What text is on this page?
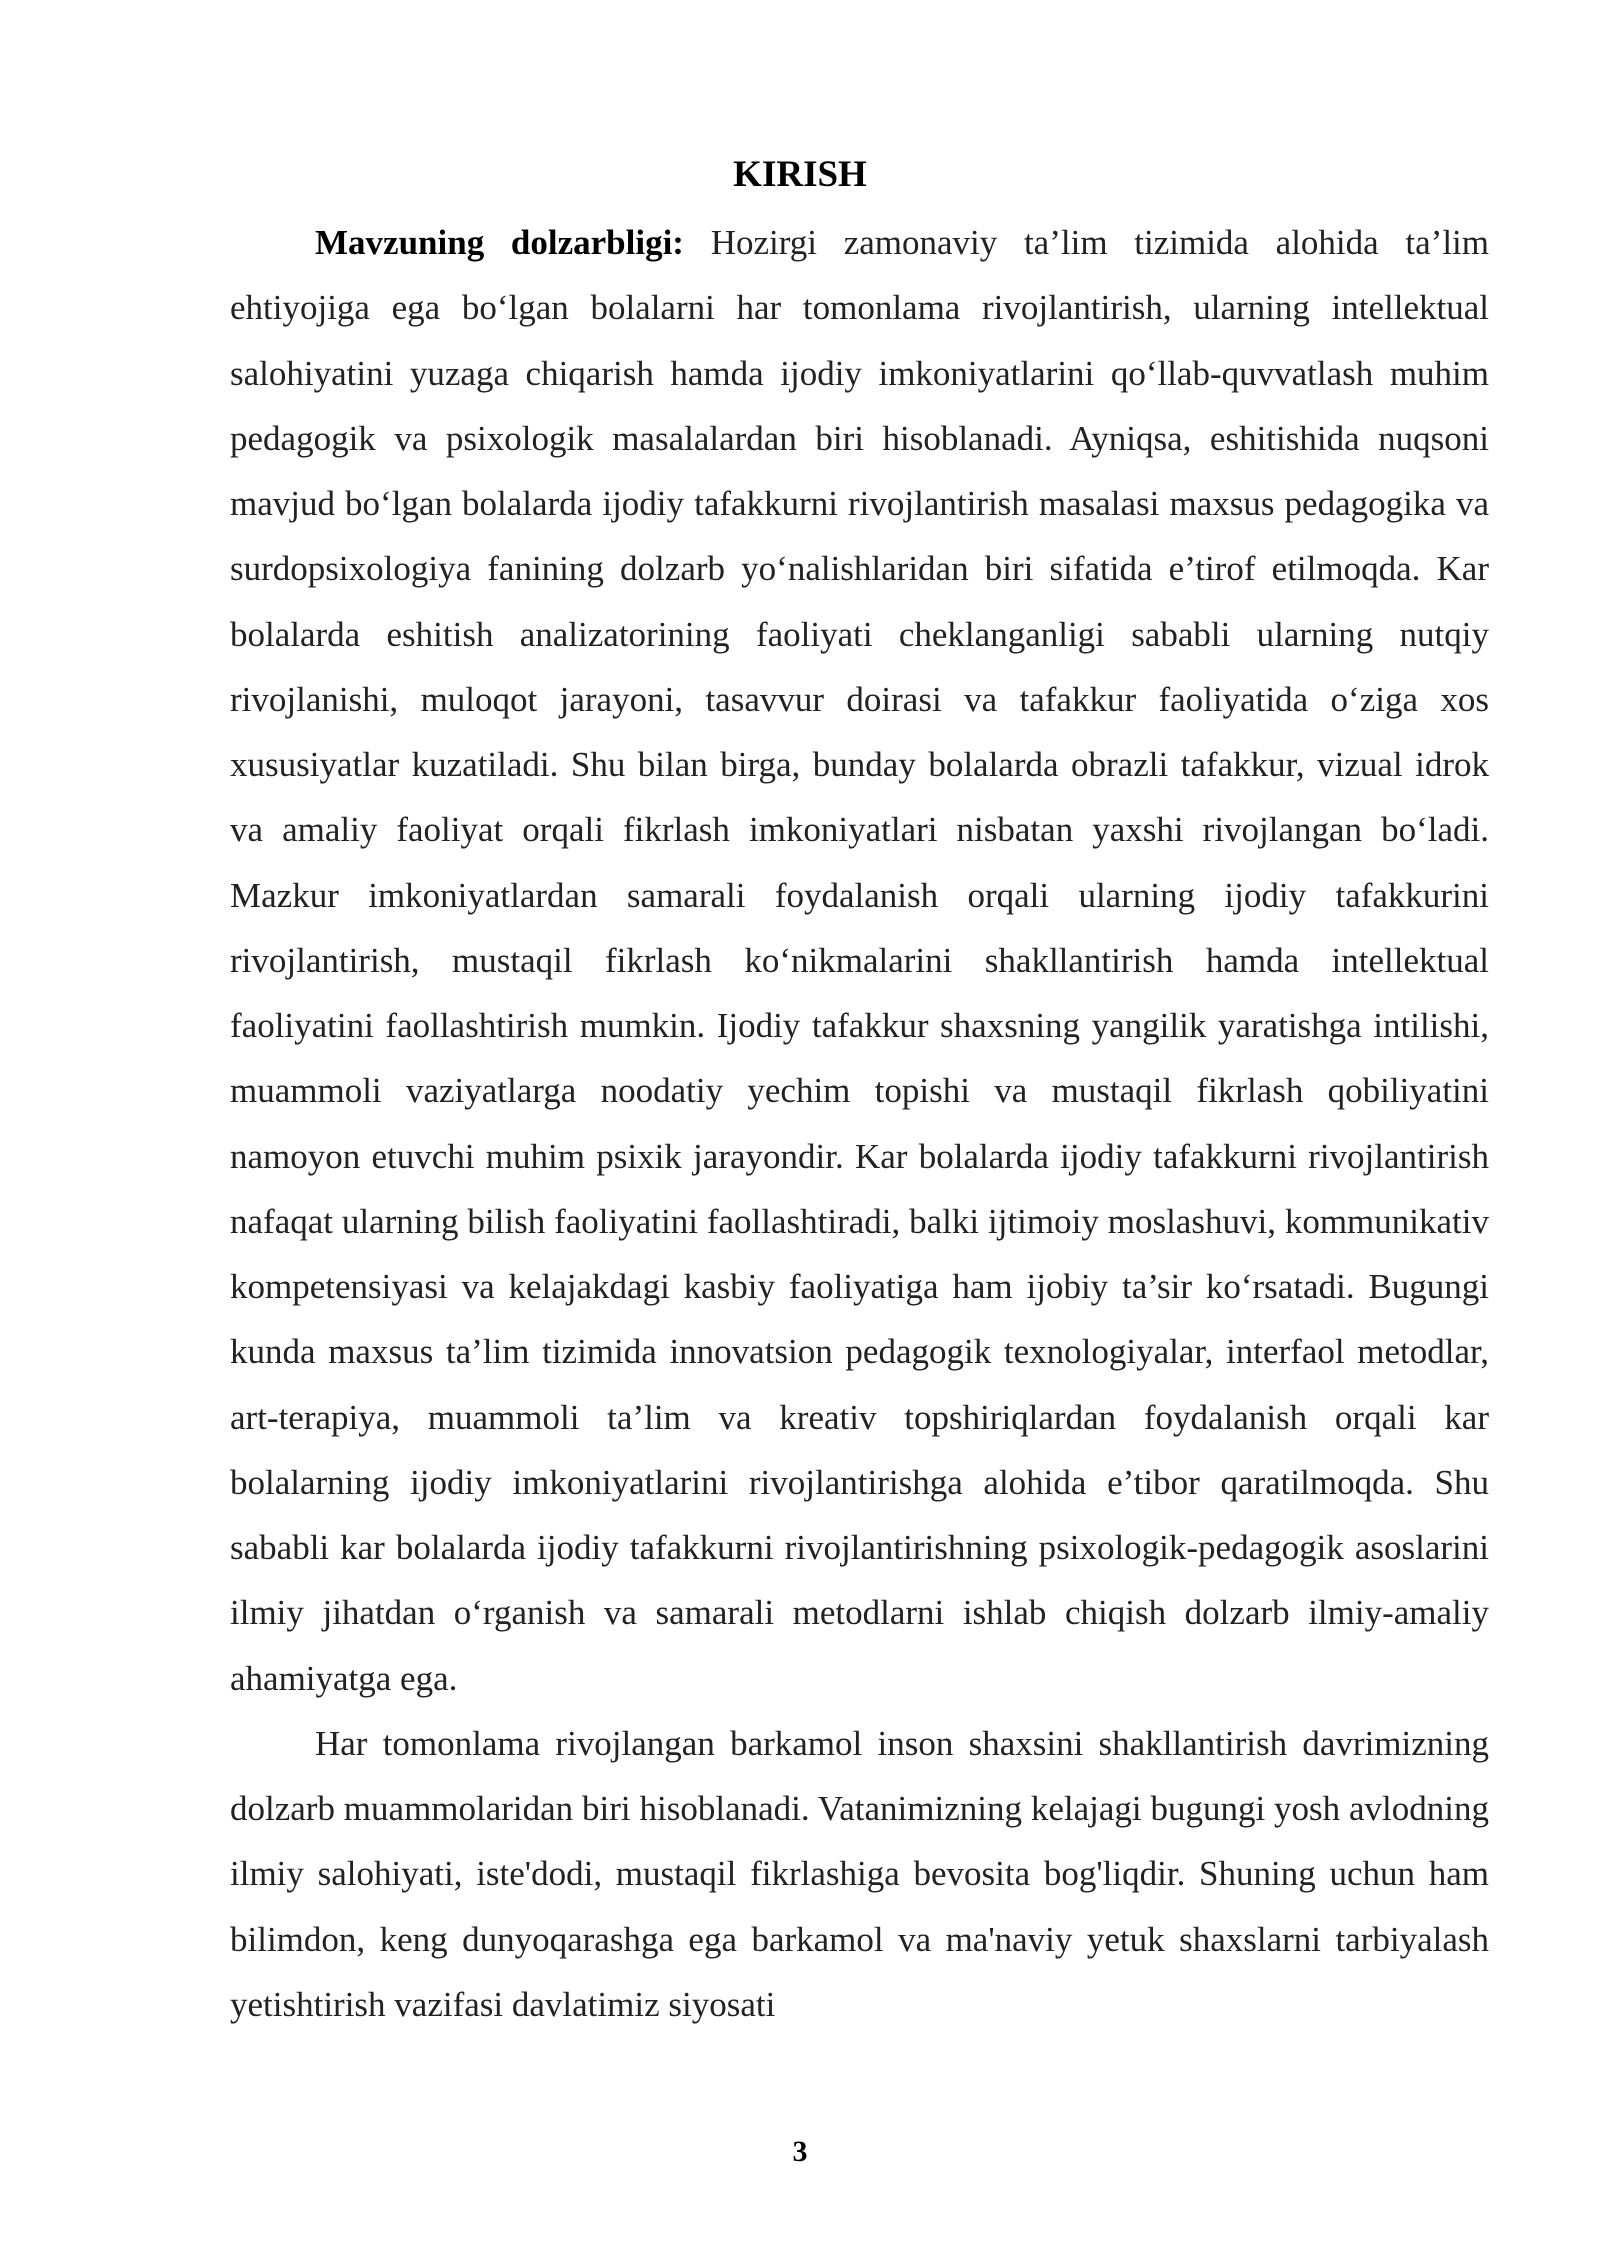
KIRISH

Mavzuning dolzarbligi: Hozirgi zamonaviy ta’lim tizimida alohida ta’lim ehtiyojiga ega bo‘lgan bolalarni har tomonlama rivojlantirish, ularning intellektual salohiyatini yuzaga chiqarish hamda ijodiy imkoniyatlarini qo‘llab-quvvatlash muhim pedagogik va psixologik masalalardan biri hisoblanadi. Ayniqsa, eshitishida nuqsoni mavjud bo‘lgan bolalarda ijodiy tafakkurni rivojlantirish masalasi maxsus pedagogika va surdopsixologiya fanining dolzarb yo‘nalishlaridan biri sifatida e’tirof etilmoqda. Kar bolalarda eshitish analizatorining faoliyati cheklanganligi sababli ularning nutqiy rivojlanishi, muloqot jarayoni, tasavvur doirasi va tafakkur faoliyatida o‘ziga xos xususiyatlar kuzatiladi. Shu bilan birga, bunday bolalarda obrazli tafakkur, vizual idrok va amaliy faoliyat orqali fikrlash imkoniyatlari nisbatan yaxshi rivojlangan bo‘ladi. Mazkur imkoniyatlardan samarali foydalanish orqali ularning ijodiy tafakkurini rivojlantirish, mustaqil fikrlash ko‘nikmalarini shakllantirish hamda intellektual faoliyatini faollashtirish mumkin. Ijodiy tafakkur shaxsning yangilik yaratishga intilishi, muammoli vaziyatlarga noodatiy yechim topishi va mustaqil fikrlash qobiliyatini namoyon etuvchi muhim psixik jarayondir. Kar bolalarda ijodiy tafakkurni rivojlantirish nafaqat ularning bilish faoliyatini faollashtiradi, balki ijtimoiy moslashuvi, kommunikativ kompetensiyasi va kelajakdagi kasbiy faoliyatiga ham ijobiy ta’sir ko‘rsatadi. Bugungi kunda maxsus ta’lim tizimida innovatsion pedagogik texnologiyalar, interfaol metodlar, art-terapiya, muammoli ta’lim va kreativ topshiriqlardan foydalanish orqali kar bolalarning ijodiy imkoniyatlarini rivojlantirishga alohida e’tibor qaratilmoqda. Shu sababli kar bolalarda ijodiy tafakkurni rivojlantirishning psixologik-pedagogik asoslarini ilmiy jihatdan o‘rganish va samarali metodlarni ishlab chiqish dolzarb ilmiy-amaliy ahamiyatga ega.

Har tomonlama rivojlangan barkamol inson shaxsini shakllantirish davrimizning dolzarb muammolaridan biri hisoblanadi. Vatanimizning kelajagi bugungi yosh avlodning ilmiy salohiyati, iste'dodi, mustaqil fikrlashiga bevosita bog'liqdir. Shuning uchun ham bilimdon, keng dunyoqarashga ega barkamol va ma'naviy yetuk shaxslarni tarbiyalash yetishtirish vazifasi davlatimiz siyosati

3
